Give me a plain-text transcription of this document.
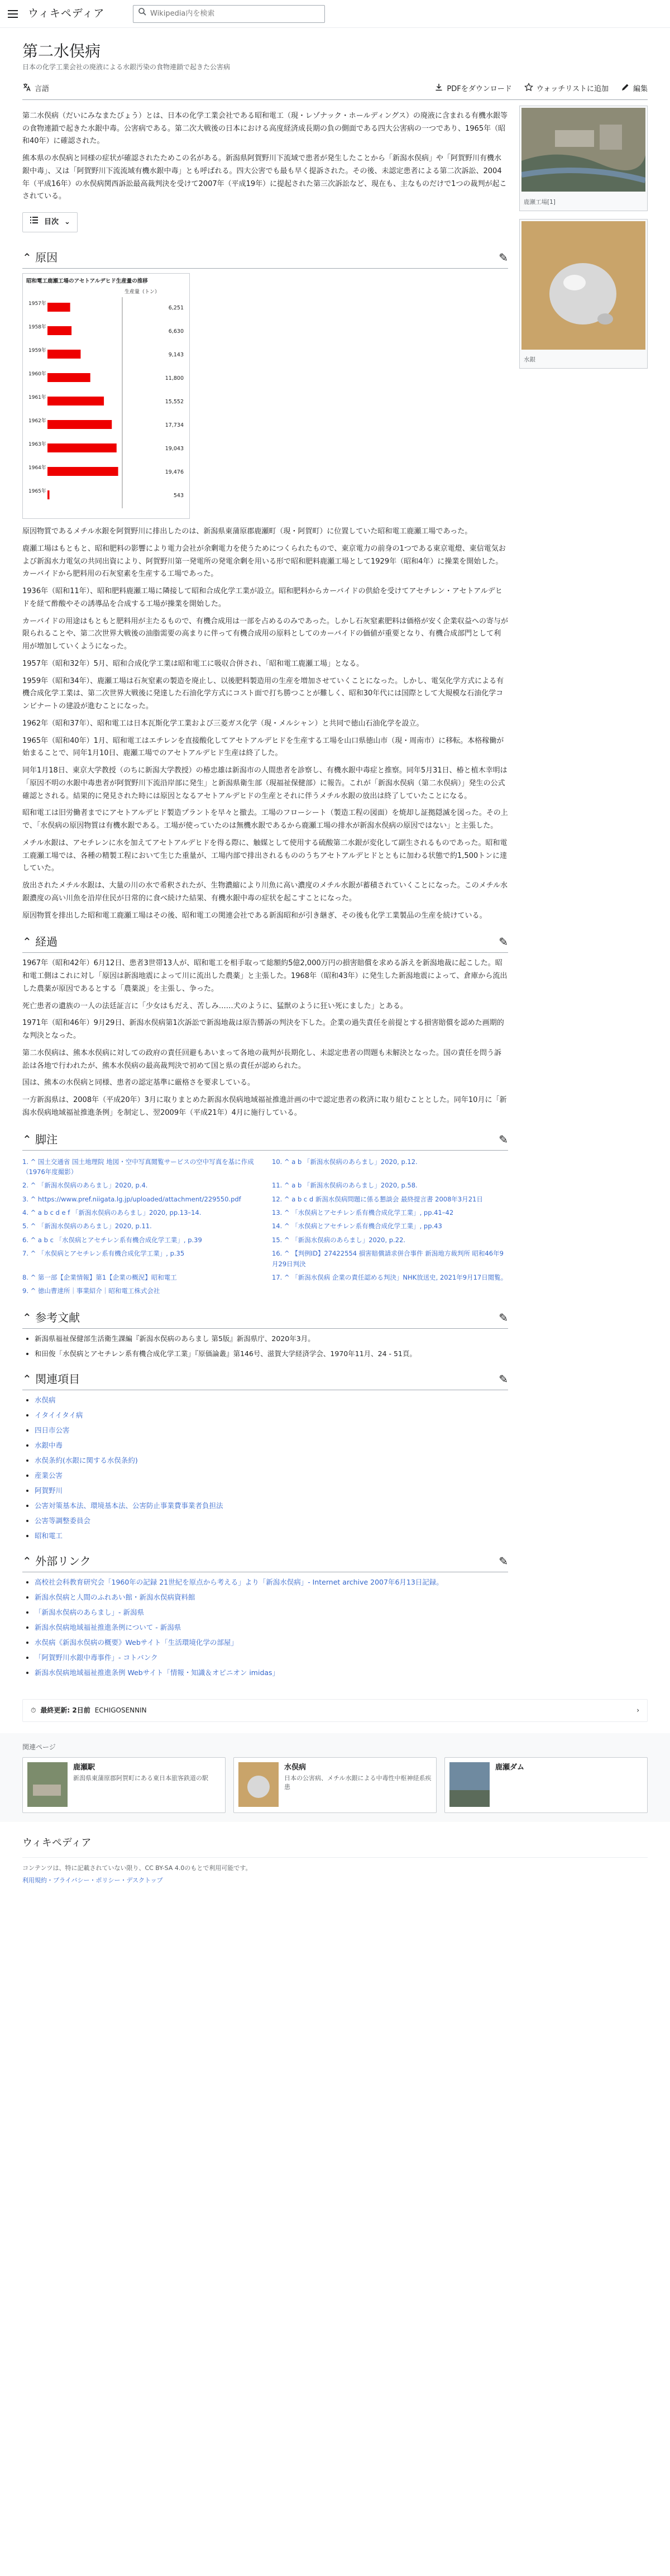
ウィキペディア
Wikipedia内を検索
第二水俣病
日本の化学工業会社の廃液による水銀汚染の食物連鎖で起きた公害病
言語	PDFをダウンロード	ウォッチリストに追加	編集

第二水俣病（だいにみなまたびょう）とは、日本の化学工業会社である昭和電工（現・レゾナック・ホールディングス）の廃液に含まれる有機水銀等の食物連鎖で起きた水銀中毒。公害病である。第二次大戦後の日本における高度経済成長期の負の側面である四大公害病の一つであり、1965年（昭和40年）に確認された。

熊本県の水俣病と同様の症状が確認されたためこの名がある。新潟県阿賀野川下流域で患者が発生したことから「新潟水俣病」や「阿賀野川有機水銀中毒」、又は「阿賀野川下流流域有機水銀中毒」とも呼ばれる。四大公害でも最も早く提訴された。その後、未認定患者による第二次訴訟、2004年（平成16年）の水俣病関西訴訟最高裁判決を受けて2007年（平成19年）に提起された第三次訴訟など、現在も、主なものだけで1つの裁判が起こされている。

目次 ⌄
⌃ 原因	✎
昭和電工鹿瀬工場のアセトアルデヒド生産量の推移
生産量（トン）
1957年
6,251
1958年
6,630
1959年
9,143
1960年
11,800
1961年
15,552
1962年
17,734
1963年
19,043
1964年
19,476
1965年
543

原因物質であるメチル水銀を阿賀野川に排出したのは、新潟県東蒲原郡鹿瀬町（現・阿賀町）に位置していた昭和電工鹿瀬工場であった。

鹿瀬工場はもともと、昭和肥料の影響により電力会社が余剰電力を使うためにつくられたもので、東京電力の前身の1つである東京電燈、東信電気および新潟水力電気の共同出資により、阿賀野川第一発電所の発電余剰を用いる形で昭和肥料鹿瀬工場として1929年（昭和4年）に操業を開始した。カーバイドから肥料用の石灰窒素を生産する工場であった。

1936年（昭和11年）、昭和肥料鹿瀬工場に隣接して昭和合成化学工業が設立。昭和肥料からカーバイドの供給を受けてアセチレン・アセトアルデヒドを経て酢酸やその誘導品を合成する工場が操業を開始した。

カーバイドの用途はもともと肥料用が主たるもので、有機合成用は一部を占めるのみであった。しかし石灰窒素肥料は価格が安く企業収益への寄与が限られることや、第二次世界大戦後の油脂需要の高まりに伴って有機合成用の原料としてのカーバイドの価値が重要となり、有機合成部門として利用が増加していくようになった。

1957年（昭和32年）5月、昭和合成化学工業は昭和電工に吸収合併され、「昭和電工鹿瀬工場」となる。

1959年（昭和34年）、鹿瀬工場は石灰窒素の製造を廃止し、以後肥料製造用の生産を増加させていくことになった。しかし、電気化学方式による有機合成化学工業は、第二次世界大戦後に発達した石油化学方式にコスト面で打ち勝つことが難しく、昭和30年代には国際として大規模な石油化学コンビナートの建設が進むことになった。

1962年（昭和37年）、昭和電工は日本瓦斯化学工業および三菱ガス化学（現・メルシャン）と共同で徳山石油化学を設立。

1965年（昭和40年）1月、昭和電工はエチレンを直接酸化してアセトアルデヒドを生産する工場を山口県徳山市（現・周南市）に移転。本格稼働が始まることで、同年1月10日、鹿瀬工場でのアセトアルデヒド生産は終了した。

同年1月18日、東京大学教授（のちに新潟大学教授）の椿忠雄は新潟市の人間患者を診察し、有機水銀中毒症と推察。同年5月31日、椿と植木幸明は「原因不明の水銀中毒患者が阿賀野川下流沿岸部に発生」と新潟県衛生部（現福祉保健部）に報告。これが「新潟水俣病（第二水俣病）」発生の公式確認とされる。結果的に発見された時には原因となるアセトアルデヒドの生産とそれに伴うメチル水銀の放出は終了していたことになる。

昭和電工は旧労働者までにアセトアルデヒド製造プラントを早々と撤去。工場のフローシート（製造工程の図面）を焼却し証拠隠滅を図った。その上で、「水俣病の原因物質は有機水銀である。工場が使っていたのは無機水銀であるから鹿瀬工場の排水が新潟水俣病の原因ではない」と主張した。

メチル水銀は、アセチレンに水を加えてアセトアルデヒドを得る際に、触媒として使用する硫酸第二水銀が変化して副生されるものであった。昭和電工鹿瀬工場では、各種の精製工程において生じた重量が、工場内部で排出されるもののうちアセトアルデヒドとともに加わる状態で約1,500トンに達していた。

放出されたメチル水銀は、大量の川の水で希釈されたが、生物濃縮により川魚に高い濃度のメチル水銀が蓄積されていくことになった。このメチル水銀濃度の高い川魚を沿岸住民が日常的に食べ続けた結果、有機水銀中毒の症状を起こすことになった。

原因物質を排出した昭和電工鹿瀬工場はその後、昭和電工の関連会社である新潟昭和が引き継ぎ、その後も化学工業製品の生産を続けている。

⌃ 経過	✎

1967年（昭和42年）6月12日、患者3世帯13人が、昭和電工を相手取って総額約5億2,000万円の損害賠償を求める訴えを新潟地裁に起こした。昭和電工側はこれに対し「原因は新潟地震によって川に流出した農薬」と主張した。1968年（昭和43年）に発生した新潟地震によって、倉庫から流出した農薬が原因であるとする「農薬説」を主張し、争った。

死亡患者の遺族の一人の法廷証言に「少女はもだえ、苦しみ……犬のように、猛獣のように狂い死にました」とある。

1971年（昭和46年）9月29日、新潟水俣病第1次訴訟で新潟地裁は原告勝訴の判決を下した。企業の過失責任を前提とする損害賠償を認めた画期的な判決となった。

第二水俣病は、熊本水俣病に対しての政府の責任回避もあいまって各地の裁判が長期化し、未認定患者の問題も未解決となった。国の責任を問う訴訟は各地で行われたが、熊本水俣病の最高裁判決で初めて国と県の責任が認められた。

国は、熊本の水俣病と同様、患者の認定基準に厳格さを要求している。

一方新潟県は、2008年（平成20年）3月に取りまとめた新潟水俣病地域福祉推進計画の中で認定患者の救済に取り組むこととした。同年10月に「新潟水俣病地域福祉推進条例」を制定し、翌2009年（平成21年）4月に施行している。

⌃ 脚注	✎
1. ^ 国土交通省 国土地理院 地図・空中写真閲覧サービスの空中写真を基に作成（1976年度撮影）
10. ^ a b 「新潟水俣病のあらまし」2020, p.12.
2. ^ 「新潟水俣病のあらまし」2020, p.4.	11. ^ a b 「新潟水俣病のあらまし」2020, p.58.
3. ^ https://www.pref.niigata.lg.jp/uploaded/attachment/229550.pdf	12. ^ a b c d 新潟水俣病問題に係る懇談会 最終提言書 2008年3月21日
4. ^ a b c d e f 「新潟水俣病のあらまし」2020, pp.13–14.	13. ^ 「水俣病とアセチレン系有機合成化学工業」, pp.41–42
5. ^ 「新潟水俣病のあらまし」2020, p.11.	14. ^ 「水俣病とアセチレン系有機合成化学工業」, pp.43
6. ^ a b c 「水俣病とアセチレン系有機合成化学工業」, p.39	15. ^ 「新潟水俣病のあらまし」2020, p.22.
7. ^ 「水俣病とアセチレン系有機合成化学工業」, p.35	16. ^ 【判例ID】27422554 損害賠償請求併合事件 新潟地方裁判所 昭和46年9月29日判決
8. ^ 第一部【企業情報】第1【企業の概況】昭和電工	17. ^ 「新潟水俣病 企業の責任認める判決」NHK放送史, 2021年9月17日閲覧。
9. ^ 徳山曹達所｜事業紹介｜昭和電工株式会社
⌃ 参考文献	✎
• 新潟県福祉保健部生活衛生課編『新潟水俣病のあらまし 第5版』新潟県庁、2020年3月。
• 和田俊「水俣病とアセチレン系有機合成化学工業」『原価論叢』第146号、滋賀大学経済学会、1970年11月、24 - 51頁。
⌃ 関連項目	✎
• 水俣病
• イタイイタイ病
• 四日市公害
• 水銀中毒
• 水俣条約(水銀に関する水俣条約)
• 産業公害
• 阿賀野川
• 公害対策基本法、環境基本法、公害防止事業費事業者負担法
• 公害等調整委員会
• 昭和電工
⌃ 外部リンク	✎
• 高校社会科教育研究会「1960年の記録 21世紀を原点から考える」より「新潟水俣病」- Internet archive 2007年6月13日記録。
• 新潟水俣病と人間のふれあい館・新潟水俣病資料館
• 「新潟水俣病のあらまし」- 新潟県
• 新潟水俣病地域福祉推進条例について - 新潟県
• 水俣病《新潟水俣病の概要》Webサイト「生活環境化学の部屋」
• 「阿賀野川水銀中毒事件」- コトバンク
• 新潟水俣病地域福祉推進条例 Webサイト「情報・知識＆オピニオン imidas」
鹿瀬工場[1]
水銀
⏱ 最終更新: 2日前 ECHIGOSENNIN	›
関連ページ
鹿瀬駅

新潟県東蒲原郡阿賀町にある東日本旅客鉄道の駅

水俣病

日本の公害病、メチル水銀による中毒性中枢神経系疾患

鹿瀬ダム
ウィキペディア
コンテンツは、特に記載されていない限り、CC BY-SA 4.0のもとで利用可能です。
利用規約・プライバシー・ポリシー・デスクトップ
